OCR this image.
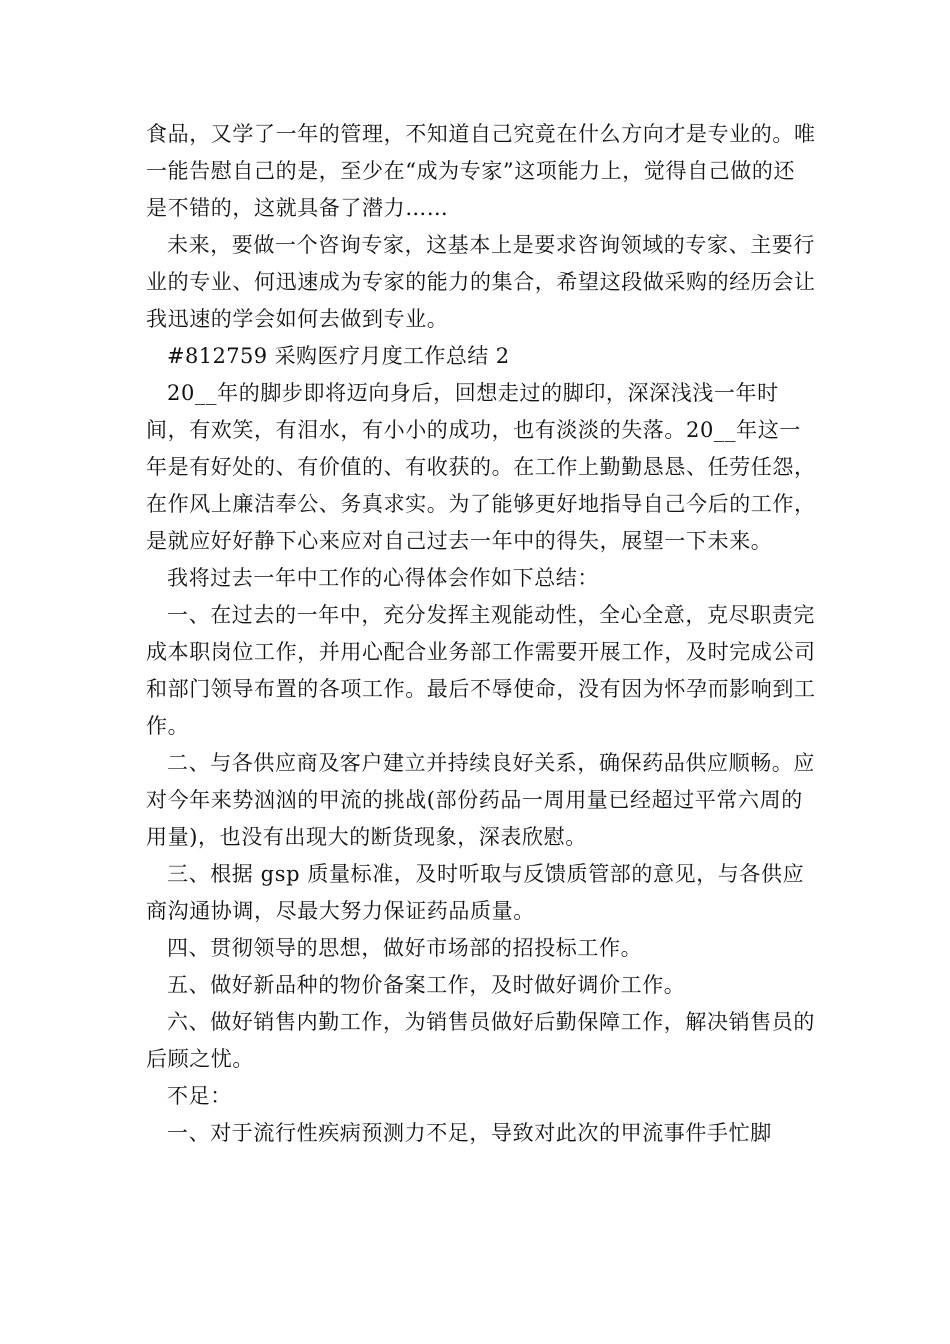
食品，又学了一年的管理，不知道自己究竟在什么方向才是专业的。唯一能告慰自己的是，至少在“成为专家”这项能力上，觉得自己做的还是不错的，这就具备了潜力……

未来，要做一个咨询专家，这基本上是要求咨询领域的专家、主要行业的专业、何迅速成为专家的能力的集合，希望这段做采购的经历会让我迅速的学会如何去做到专业。

#812759 采购医疗月度工作总结 2

20__年的脚步即将迈向身后，回想走过的脚印，深深浅浅一年时间，有欢笑，有泪水，有小小的成功，也有淡淡的失落。20__年这一年是有好处的、有价值的、有收获的。在工作上勤勤恳恳、任劳任怨，在作风上廉洁奉公、务真求实。为了能够更好地指导自己今后的工作，是就应好好静下心来应对自己过去一年中的得失，展望一下未来。

我将过去一年中工作的心得体会作如下总结：

一、在过去的一年中，充分发挥主观能动性，全心全意，克尽职责完成本职岗位工作，并用心配合业务部工作需要开展工作，及时完成公司和部门领导布置的各项工作。最后不辱使命，没有因为怀孕而影响到工作。

二、与各供应商及客户建立并持续良好关系，确保药品供应顺畅。应对今年来势汹汹的甲流的挑战(部份药品一周用量已经超过平常六周的用量)，也没有出现大的断货现象，深表欣慰。

三、根据 gsp 质量标准，及时听取与反馈质管部的意见，与各供应商沟通协调，尽最大努力保证药品质量。

四、贯彻领导的思想，做好市场部的招投标工作。

五、做好新品种的物价备案工作，及时做好调价工作。

六、做好销售内勤工作，为销售员做好后勤保障工作，解决销售员的后顾之忧。

不足：

一、对于流行性疾病预测力不足，导致对此次的甲流事件手忙脚
